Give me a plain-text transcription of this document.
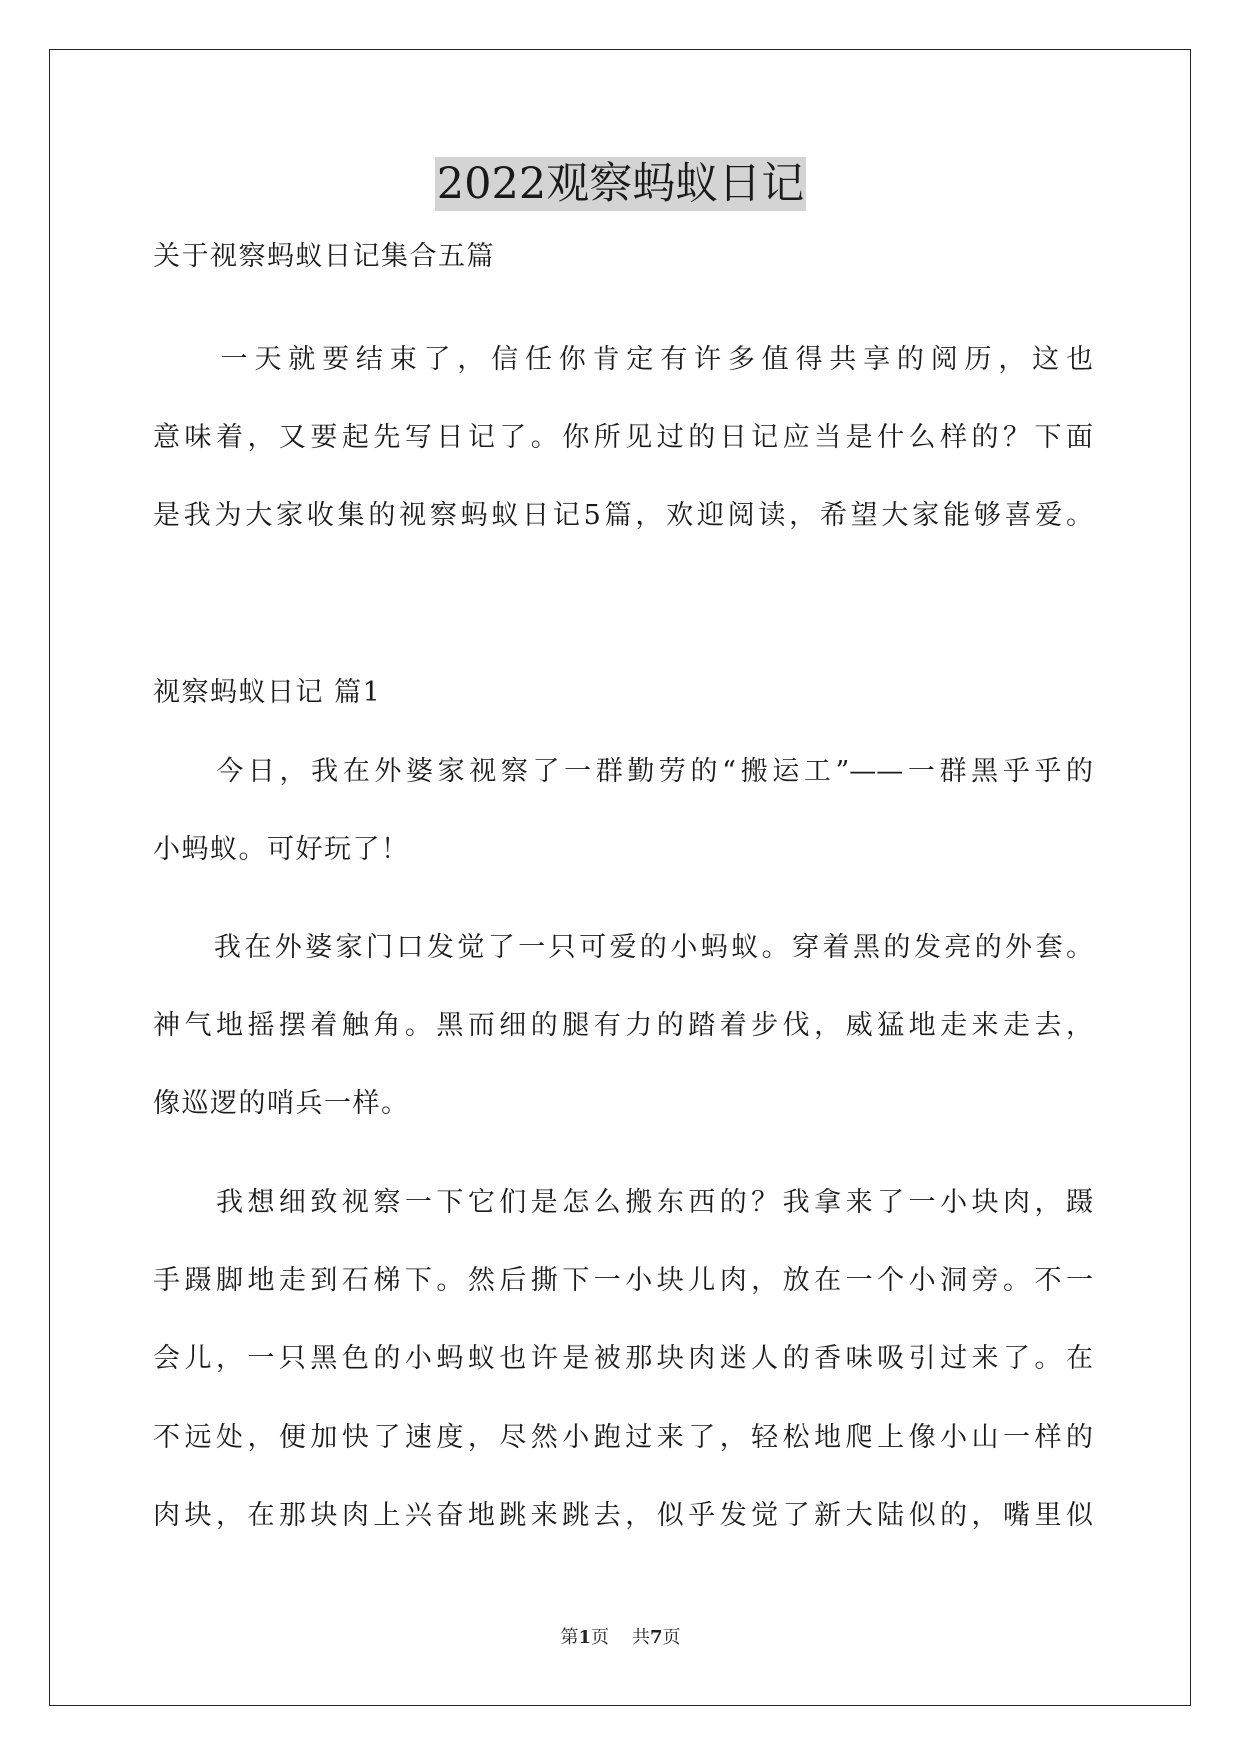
2022观察蚂蚁日记

关于视察蚂蚁日记集合五篇

　　一天就要结束了，信任你肯定有许多值得共享的阅历，这也

意味着，又要起先写日记了。你所见过的日记应当是什么样的？下面

是我为大家收集的视察蚂蚁日记5篇，欢迎阅读，希望大家能够喜爱。

视察蚂蚁日记 篇1

　　今日，我在外婆家视察了一群勤劳的“搬运工”——一群黑乎乎的

小蚂蚁。可好玩了！

　　我在外婆家门口发觉了一只可爱的小蚂蚁。穿着黑的发亮的外套。

神气地摇摆着触角。黑而细的腿有力的踏着步伐，威猛地走来走去，

像巡逻的哨兵一样。

　　我想细致视察一下它们是怎么搬东西的？我拿来了一小块肉，蹑

手蹑脚地走到石梯下。然后撕下一小块儿肉，放在一个小洞旁。不一

会儿，一只黑色的小蚂蚁也许是被那块肉迷人的香味吸引过来了。在

不远处，便加快了速度，尽然小跑过来了，轻松地爬上像小山一样的

肉块，在那块肉上兴奋地跳来跳去，似乎发觉了新大陆似的，嘴里似

第1页 共7页
